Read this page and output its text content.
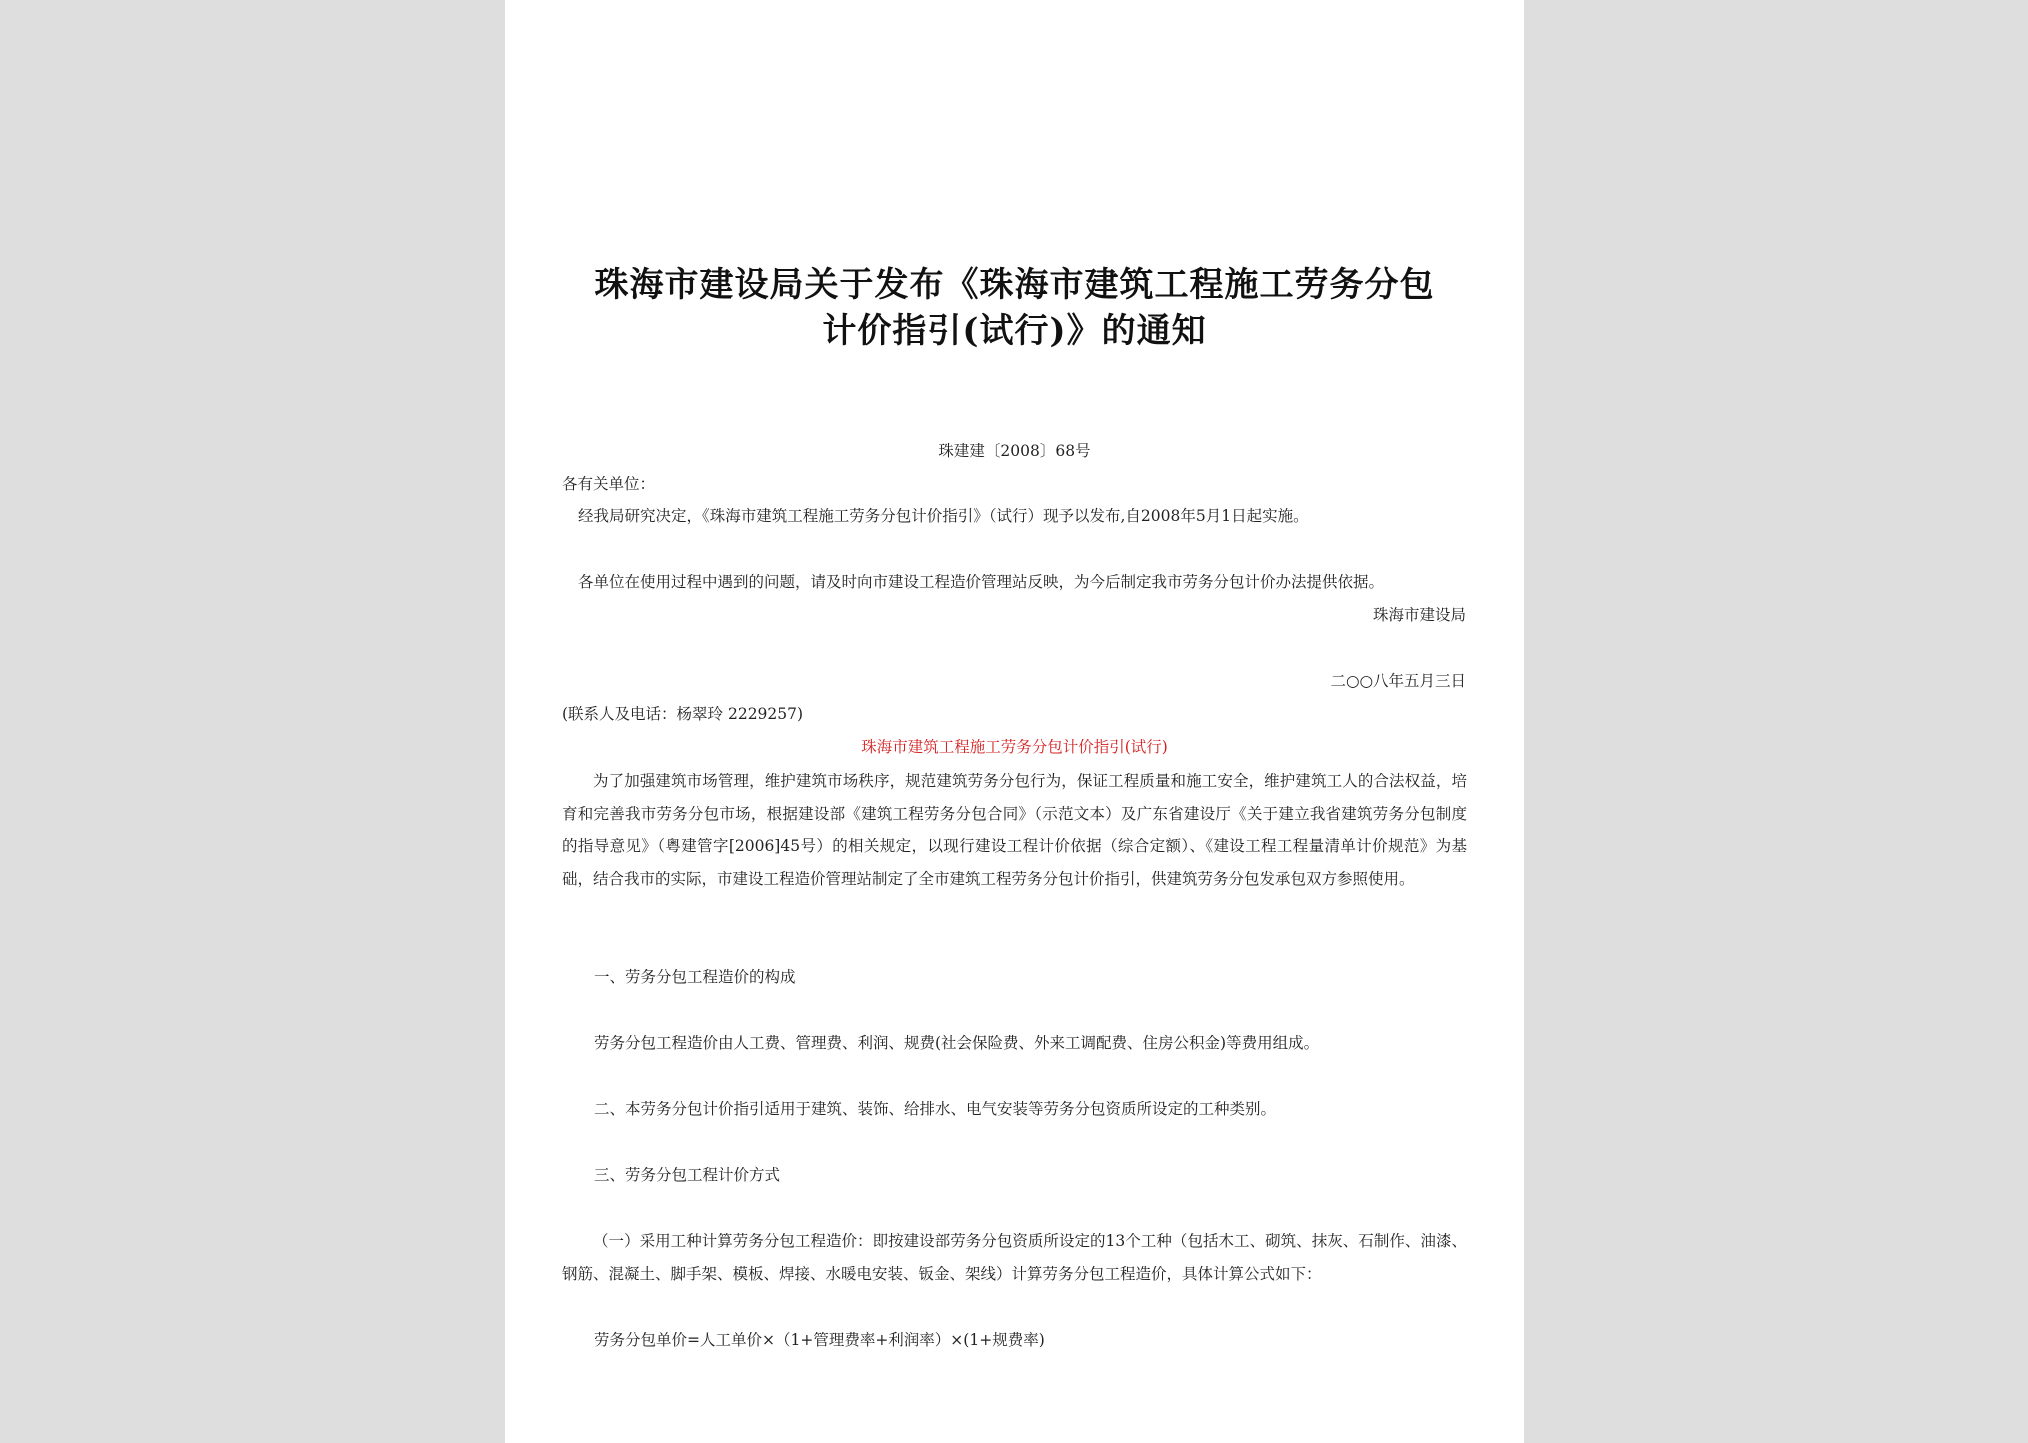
珠海市建设局关于发布《珠海市建筑工程施工劳务分包
计价指引(试行)》的通知
珠建建〔2008〕68号
各有关单位：
经我局研究决定，《珠海市建筑工程施工劳务分包计价指引》（试行）现予以发布,自2008年5月1日起实施。
各单位在使用过程中遇到的问题，请及时向市建设工程造价管理站反映，为今后制定我市劳务分包计价办法提供依据。
珠海市建设局
二○○八年五月三日
(联系人及电话：杨翠玲 2229257)
珠海市建筑工程施工劳务分包计价指引(试行)
为了加强建筑市场管理，维护建筑市场秩序，规范建筑劳务分包行为，保证工程质量和施工安全，维护建筑工人的合法权益，培育和完善我市劳务分包市场，根据建设部《建筑工程劳务分包合同》（示范文本）及广东省建设厅《关于建立我省建筑劳务分包制度的指导意见》（粤建管字[2006]45号）的相关规定，以现行建设工程计价依据（综合定额）、《建设工程工程量清单计价规范》为基础，结合我市的实际，市建设工程造价管理站制定了全市建筑工程劳务分包计价指引，供建筑劳务分包发承包双方参照使用。
一、劳务分包工程造价的构成
劳务分包工程造价由人工费、管理费、利润、规费(社会保险费、外来工调配费、住房公积金)等费用组成。
二、本劳务分包计价指引适用于建筑、装饰、给排水、电气安装等劳务分包资质所设定的工种类别。
三、劳务分包工程计价方式
（一）采用工种计算劳务分包工程造价：即按建设部劳务分包资质所设定的13个工种（包括木工、砌筑、抹灰、石制作、油漆、钢筋、混凝土、脚手架、模板、焊接、水暖电安装、钣金、架线）计算劳务分包工程造价，具体计算公式如下：
劳务分包单价=人工单价×（1+管理费率+利润率）×(1+规费率)
